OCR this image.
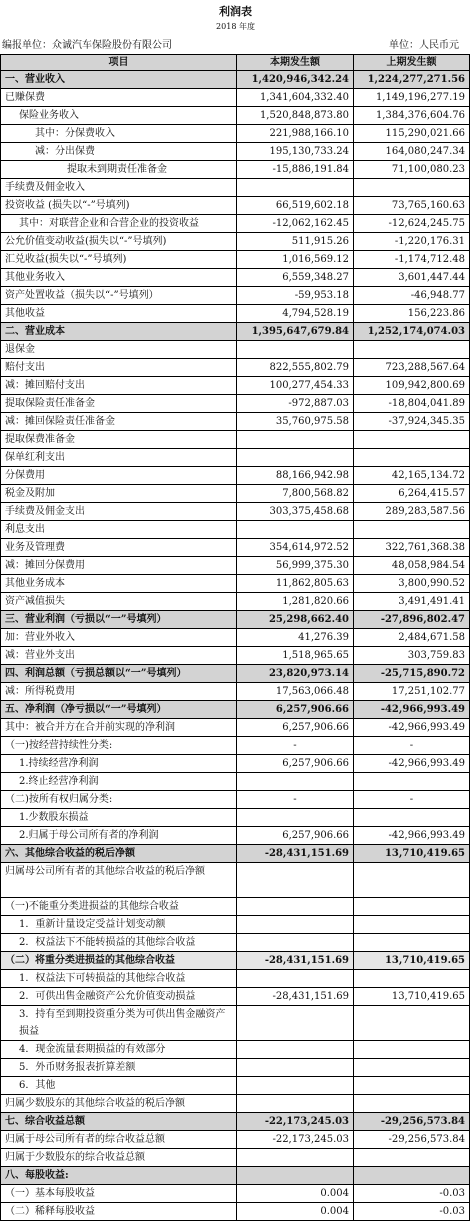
利润表
2018 年度
编报单位：众诚汽车保险股份有限公司	单位：人民币元
项目	本期发生额	上期发生额
一、营业收入	1,420,946,342.24	1,224,277,271.56
已赚保费	1,341,604,332.40	1,149,196,277.19
保险业务收入	1,520,848,873.80	1,384,376,604.76
其中：分保费收入	221,988,166.10	115,290,021.66
减：分出保费	195,130,733.24	164,080,247.34
提取未到期责任准备金	-15,886,191.84	71,100,080.23
手续费及佣金收入		
投资收益 (损失以“-”号填列)	66,519,602.18	73,765,160.63
其中：对联营企业和合营企业的投资收益	-12,062,162.45	-12,624,245.75
公允价值变动收益(损失以“-”号填列)	511,915.26	-1,220,176.31
汇兑收益(损失以“-”号填列)	1,016,569.12	-1,174,712.48
其他业务收入	6,559,348.27	3,601,447.44
资产处置收益（损失以“-”号填列）	-59,953.18	-46,948.77
其他收益	4,794,528.19	156,223.86
二、营业成本	1,395,647,679.84	1,252,174,074.03
退保金		
赔付支出	822,555,802.79	723,288,567.64
减：摊回赔付支出	100,277,454.33	109,942,800.69
提取保险责任准备金	-972,887.03	-18,804,041.89
减：摊回保险责任准备金	35,760,975.58	-37,924,345.35
提取保费准备金		
保单红利支出		
分保费用	88,166,942.98	42,165,134.72
税金及附加	7,800,568.82	6,264,415.57
手续费及佣金支出	303,375,458.68	289,283,587.56
利息支出		
业务及管理费	354,614,972.52	322,761,368.38
减：摊回分保费用	56,999,375.30	48,058,984.54
其他业务成本	11,862,805.63	3,800,990.52
资产减值损失	1,281,820.66	3,491,491.41
三、营业利润（亏损以“一”号填列）	25,298,662.40	-27,896,802.47
加：营业外收入	41,276.39	2,484,671.58
减：营业外支出	1,518,965.65	303,759.83
四、利润总额（亏损总额以“一”号填列）	23,820,973.14	-25,715,890.72
减：所得税费用	17,563,066.48	17,251,102.77
五、净利润（净亏损以“一”号填列）	6,257,906.66	-42,966,993.49
其中：被合并方在合并前实现的净利润	6,257,906.66	-42,966,993.49
（一)按经营持续性分类:	-	-
1.持续经营净利润	6,257,906.66	-42,966,993.49
2.终止经营净利润		
（二)按所有权归属分类:	-	-
1.少数股东损益		
2.归属于母公司所有者的净利润	6,257,906.66	-42,966,993.49
六、其他综合收益的税后净额	-28,431,151.69	13,710,419.65
归属母公司所有者的其他综合收益的税后净额		
（一)不能重分类进损益的其他综合收益		
1．重新计量设定受益计划变动额		
2．权益法下不能转损益的其他综合收益		
（二）将重分类进损益的其他综合收益	-28,431,151.69	13,710,419.65
1．权益法下可转损益的其他综合收益		
2．可供出售金融资产公允价值变动损益	-28,431,151.69	13,710,419.65
3．持有至到期投资重分类为可供出售金融资产损益		
4．现金流量套期损益的有效部分		
5．外币财务报表折算差额		
6．其他		
归属少数股东的其他综合收益的税后净额		
七、综合收益总额	-22,173,245.03	-29,256,573.84
归属于母公司所有者的综合收益总额	-22,173,245.03	-29,256,573.84
归属于少数股东的综合收益总额		
八、每股收益:		
（一）基本每股收益	0.004	-0.03
（二）稀释每股收益	0.004	-0.03
